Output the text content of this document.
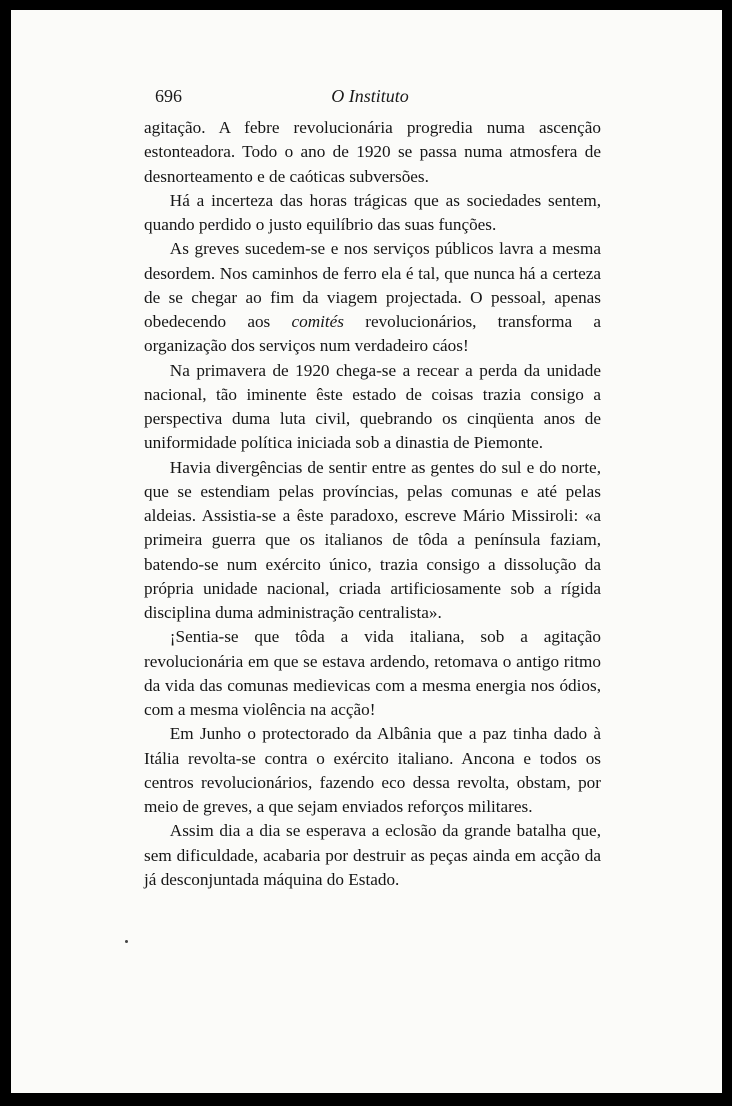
696	O Instituto

agitação. A febre revolucionária progredia numa ascenção estonteadora. Todo o ano de 1920 se passa numa atmosfera de desnorteamento e de caóticas subversões.

Há a incerteza das horas trágicas que as sociedades sentem, quando perdido o justo equilíbrio das suas funções.

As greves sucedem-se e nos serviços públicos lavra a mesma desordem. Nos caminhos de ferro ela é tal, que nunca há a certeza de se chegar ao fim da viagem projectada. O pessoal, apenas obedecendo aos comités revolucionários, transforma a organização dos serviços num verdadeiro cáos!

Na primavera de 1920 chega-se a recear a perda da unidade nacional, tão iminente êste estado de coisas trazia consigo a perspectiva duma luta civil, quebrando os cinqüenta anos de uniformidade política iniciada sob a dinastia de Piemonte.

Havia divergências de sentir entre as gentes do sul e do norte, que se estendiam pelas províncias, pelas comunas e até pelas aldeias. Assistia-se a êste paradoxo, escreve Mário Missiroli: «a primeira guerra que os italianos de tôda a península faziam, batendo-se num exército único, trazia consigo a dissolução da própria unidade nacional, criada artificiosamente sob a rígida disciplina duma administração centralista».

¡Sentia-se que tôda a vida italiana, sob a agitação revolucionária em que se estava ardendo, retomava o antigo ritmo da vida das comunas medievicas com a mesma energia nos ódios, com a mesma violência na acção!

Em Junho o protectorado da Albânia que a paz tinha dado à Itália revolta-se contra o exército italiano. Ancona e todos os centros revolucionários, fazendo eco dessa revolta, obstam, por meio de greves, a que sejam enviados reforços militares.

Assim dia a dia se esperava a eclosão da grande batalha que, sem dificuldade, acabaria por destruir as peças ainda em acção da já desconjuntada máquina do Estado.
